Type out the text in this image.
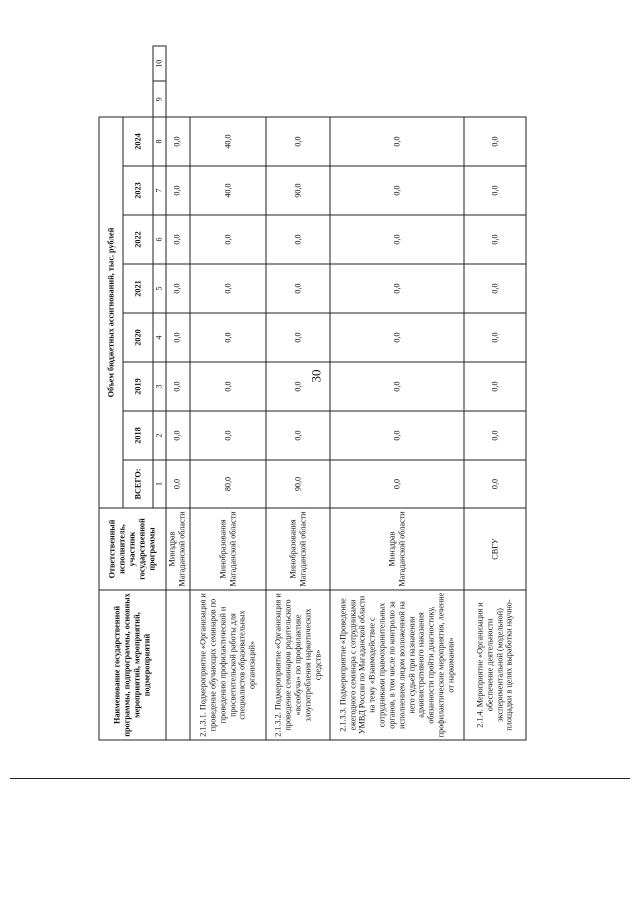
30
Наименование государственной программы, подпрограммы, основных мероприятий, мероприятий, подмероприятий	Ответственный исполнитель, участник государственной программы	Объем бюджетных ассигнований, тыс. рублей									
		ВСЕГО:	2018	2019	2020	2021	2022	2023	2024		
		1	2	3	4	5	6	7	8	9	10
	Минздрав Магаданской области	0,0	0,0	0,0	0,0	0,0	0,0	0,0	0,0		
2.1.3.1. Подмероприятие «Организация и проведение обучающих семинаров по проведению профилактической и просветительской работы для специалистов образовательных организаций»	Минобразования Магаданской области	80,0	0,0	0,0	0,0	0,0	0,0	40,0	40,0		
2.1.3.2. Подмероприятие «Организация и проведение семинаров родительского «всеобуча» по профилактике злоупотребления наркотических средств»	Минобразования Магаданской области	90,0	0,0	0,0	0,0	0,0	0,0	90,0	0,0		
2.1.3.3. Подмероприятие «Проведение ежегодного семинара с сотрудниками УМВД России по Магаданской области на тему «Взаимодействие с сотрудниками правоохранительных органов, в том числе по контролю за исполнением лицом возложенной на него судьей при назначении административного наказания обязанности пройти диагностику, профилактические мероприятия, лечение от наркомании»	Минздрав Магаданской области	0,0	0,0	0,0	0,0	0,0	0,0	0,0	0,0		
2.1.4. Мероприятие «Организация и обеспечение деятельности экспериментальной (модельной) площадки в целях выработки научно-	СВГУ	0,0	0,0	0,0	0,0	0,0	0,0	0,0	0,0		
